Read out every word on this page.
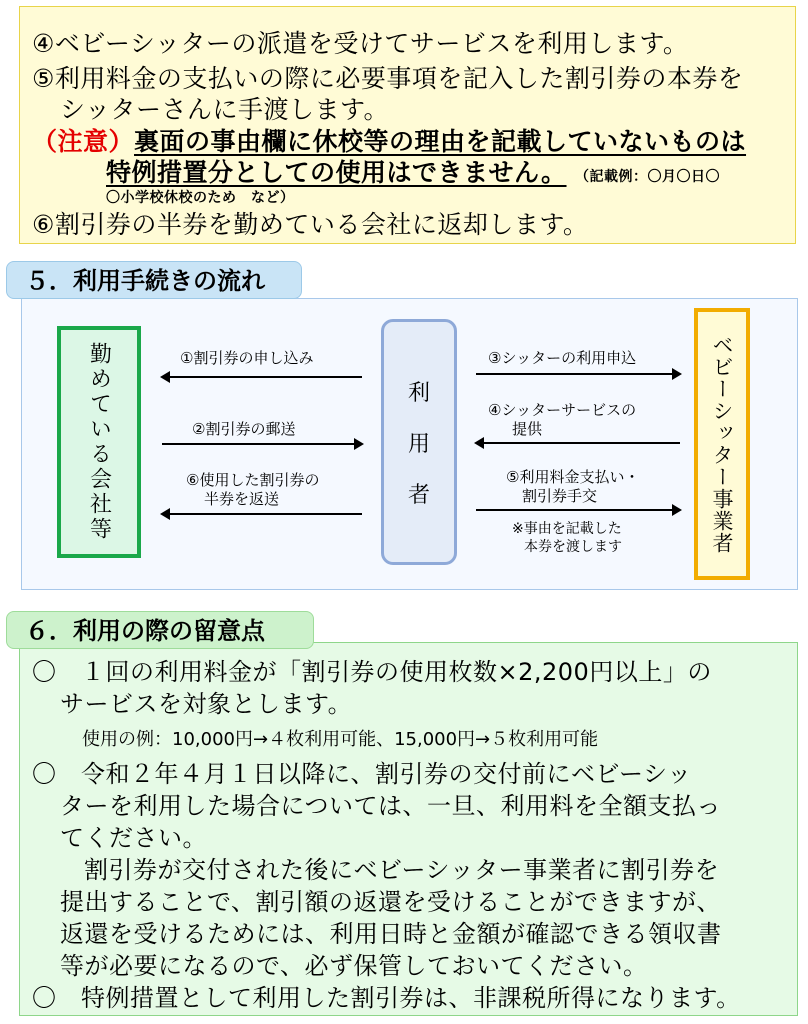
④ベビーシッターの派遣を受けてサービスを利用します。
⑤利用料金の支払いの際に必要事項を記入した割引券の本券を
シッターさんに手渡します。
（注意）裏面の事由欄に休校等の理由を記載していないものは
特例措置分としての使用はできません。 （記載例：〇月〇日〇
〇小学校休校のため　など）
⑥割引券の半券を勤めている会社に返却します。
５．利用手続きの流れ
勤めている会社等	利
用
者	ベビーシッター事業者
①割引券の申し込み
②割引券の郵送
⑥使用した割引券の
半券を返送
③シッターの利用申込
④シッターサービスの
提供
⑤利用料金支払い・
割引券手交
※事由を記載した
本券を渡します
〇　１回の利用料金が「割引券の使用枚数×2,200円以上」の
サービスを対象とします。
使用の例：10,000円→４枚利用可能、15,000円→５枚利用可能
〇　令和２年４月１日以降に、割引券の交付前にベビーシッ
ターを利用した場合については、一旦、利用料を全額支払っ
てください。
割引券が交付された後にベビーシッター事業者に割引券を
提出することで、割引額の返還を受けることができますが、
返還を受けるためには、利用日時と金額が確認できる領収書
等が必要になるので、必ず保管しておいてください。
〇　特例措置として利用した割引券は、非課税所得になります。
６．利用の際の留意点
